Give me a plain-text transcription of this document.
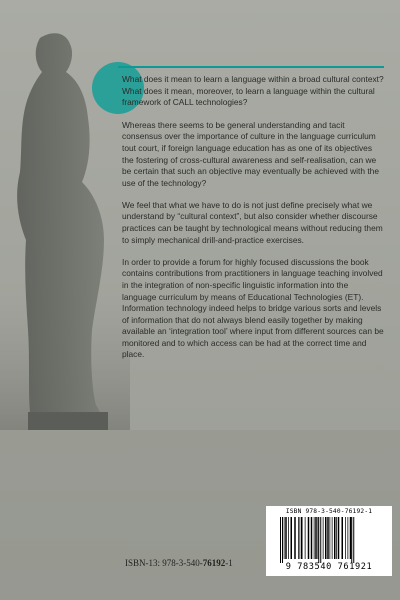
What does it mean to learn a language within a broad cultural context?

What does it mean, moreover, to learn a language within the cultural framework of CALL technologies?

Whereas there seems to be general understanding and tacit consensus over the importance of culture in the language curriculum tout court, if foreign language education has as one of its objectives the fostering of cross-cultural awareness and self-realisation, can we be certain that such an objective may eventually be achieved with the use of the technology?

We feel that what we have to do is not just define precisely what we understand by “cultural context”, but also consider whether discourse practices can be taught by technological means without reducing them to simply mechanical drill-and-practice exercises.

In order to provide a forum for highly focused discussions the book contains contributions from practitioners in language teaching involved in the integration of non-specific linguistic information into the language curriculum by means of Educational Technologies (ET). Information technology indeed helps to bridge various sorts and levels of information that do not always blend easily together by making available an ‘integration tool’ where input from different sources can be monitored and to which access can be had at the correct time and place.

ISBN-13: 978-3-540-76192-1
ISBN 978-3-540-76192-1
9 783540 761921
